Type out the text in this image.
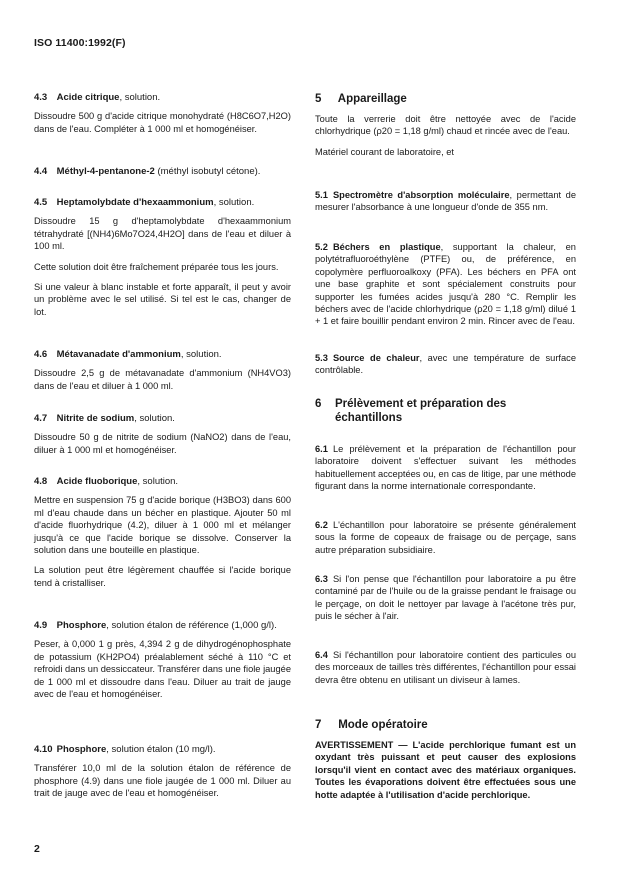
ISO 11400:1992(F)
4.3 Acide citrique, solution.

Dissoudre 500 g d'acide citrique monohydraté (H8C6O7,H2O) dans de l'eau. Compléter à 1 000 ml et homogénéiser.

4.4 Méthyl-4-pentanone-2 (méthyl isobutyl cétone).
4.5 Heptamolybdate d'hexaammonium, solution.

Dissoudre 15 g d'heptamolybdate d'hexaammonium tétrahydraté [(NH4)6Mo7O24,4H2O] dans de l'eau et diluer à 100 ml.

Cette solution doit être fraîchement préparée tous les jours.

Si une valeur à blanc instable et forte apparaît, il peut y avoir un problème avec le sel utilisé. Si tel est le cas, changer de lot.

4.6 Métavanadate d'ammonium, solution.

Dissoudre 2,5 g de métavanadate d'ammonium (NH4VO3) dans de l'eau et diluer à 1 000 ml.

4.7 Nitrite de sodium, solution.

Dissoudre 50 g de nitrite de sodium (NaNO2) dans de l'eau, diluer à 1 000 ml et homogénéiser.

4.8 Acide fluoborique, solution.

Mettre en suspension 75 g d'acide borique (H3BO3) dans 600 ml d'eau chaude dans un bécher en plastique. Ajouter 50 ml d'acide fluorhydrique (4.2), diluer à 1 000 ml et mélanger jusqu'à ce que l'acide borique se dissolve. Conserver la solution dans une bouteille en plastique.

La solution peut être légèrement chauffée si l'acide borique tend à cristalliser.

4.9 Phosphore, solution étalon de référence (1,000 g/l).

Peser, à 0,000 1 g près, 4,394 2 g de dihydrogénophosphate de potassium (KH2PO4) préalablement séché à 110 °C et refroidi dans un dessiccateur. Transférer dans une fiole jaugée de 1 000 ml et dissoudre dans l'eau. Diluer au trait de jauge avec de l'eau et homogénéiser.

4.10 Phosphore, solution étalon (10 mg/l).

Transférer 10,0 ml de la solution étalon de référence de phosphore (4.9) dans une fiole jaugée de 1 000 ml. Diluer au trait de jauge avec de l'eau et homogénéiser.

5 Appareillage

Toute la verrerie doit être nettoyée avec de l'acide chlorhydrique (ρ20 = 1,18 g/ml) chaud et rincée avec de l'eau.

Matériel courant de laboratoire, et

5.1 Spectromètre d'absorption moléculaire, permettant de mesurer l'absorbance à une longueur d'onde de 355 nm.

5.2 Béchers en plastique, supportant la chaleur, en polytétrafluoroéthylène (PTFE) ou, de préférence, en copolymère perfluoroalkoxy (PFA). Les béchers en PFA ont une base graphite et sont spécialement construits pour supporter les fumées acides jusqu'à 280 °C. Remplir les béchers avec de l'acide chlorhydrique (ρ20 = 1,18 g/ml) dilué 1 + 1 et faire bouillir pendant environ 2 min. Rincer avec de l'eau.

5.3 Source de chaleur, avec une température de surface contrôlable.

6	Prélèvement et préparation des échantillons

6.1 Le prélèvement et la préparation de l'échantillon pour laboratoire doivent s'effectuer suivant les méthodes habituellement acceptées ou, en cas de litige, par une méthode figurant dans la norme internationale correspondante.

6.2 L'échantillon pour laboratoire se présente généralement sous la forme de copeaux de fraisage ou de perçage, sans autre préparation subsidiaire.

6.3 Si l'on pense que l'échantillon pour laboratoire a pu être contaminé par de l'huile ou de la graisse pendant le fraisage ou le perçage, on doit le nettoyer par lavage à l'acétone très pur, puis le sécher à l'air.

6.4 Si l'échantillon pour laboratoire contient des particules ou des morceaux de tailles très différentes, l'échantillon pour essai devra être obtenu en utilisant un diviseur à lames.

7 Mode opératoire

AVERTISSEMENT — L'acide perchlorique fumant est un oxydant très puissant et peut causer des explosions lorsqu'il vient en contact avec des matériaux organiques. Toutes les évaporations doivent être effectuées sous une hotte adaptée à l'utilisation d'acide perchlorique.

2
